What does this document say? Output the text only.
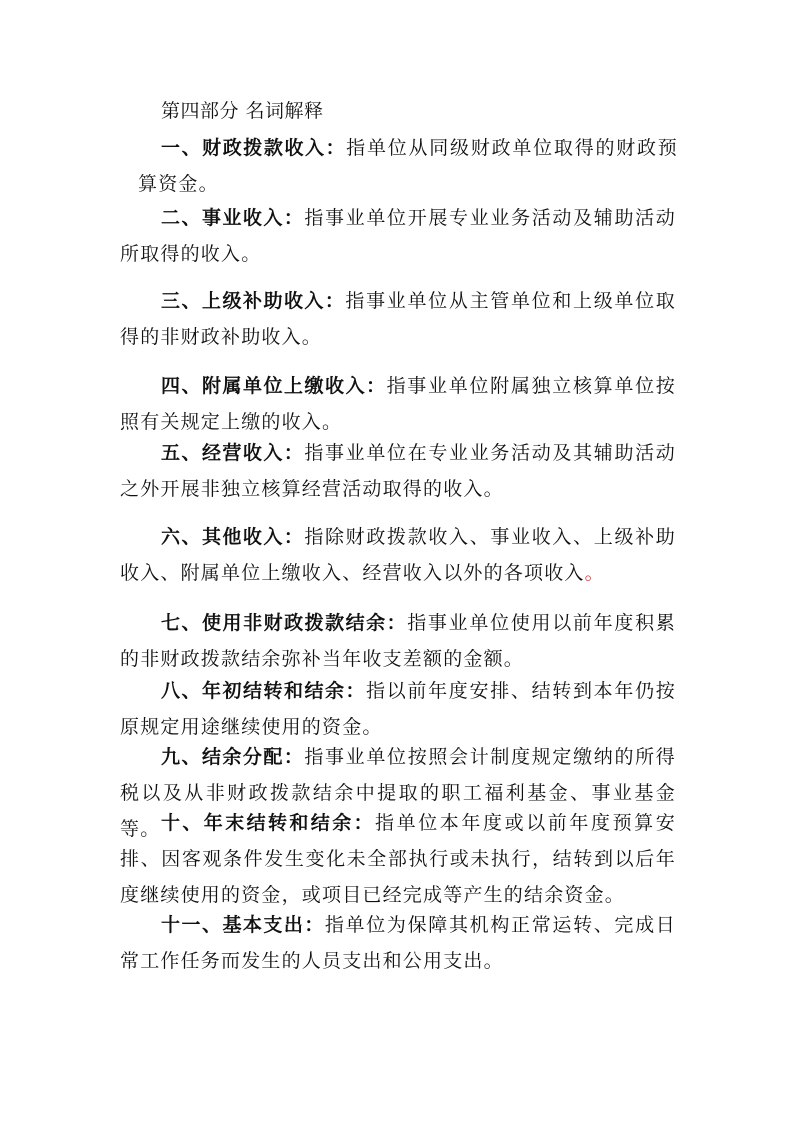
第四部分 名词解释

一、财政拨款收入：指单位从同级财政单位取得的财政预算资金。

二、事业收入：指事业单位开展专业业务活动及辅助活动所取得的收入。

三、上级补助收入：指事业单位从主管单位和上级单位取得的非财政补助收入。

四、附属单位上缴收入：指事业单位附属独立核算单位按照有关规定上缴的收入。

五、经营收入：指事业单位在专业业务活动及其辅助活动之外开展非独立核算经营活动取得的收入。

六、其他收入：指除财政拨款收入、事业收入、上级补助收入、附属单位上缴收入、经营收入以外的各项收入。

七、使用非财政拨款结余：指事业单位使用以前年度积累的非财政拨款结余弥补当年收支差额的金额。

八、年初结转和结余：指以前年度安排、结转到本年仍按原规定用途继续使用的资金。

九、结余分配：指事业单位按照会计制度规定缴纳的所得税以及从非财政拨款结余中提取的职工福利基金、事业基金等。 十、年末结转和结余：指单位本年度或以前年度预算安排、因客观条件发生变化未全部执行或未执行，结转到以后年度继续使用的资金，或项目已经完成等产生的结余资金。

十一、基本支出：指单位为保障其机构正常运转、完成日常工作任务而发生的人员支出和公用支出。
